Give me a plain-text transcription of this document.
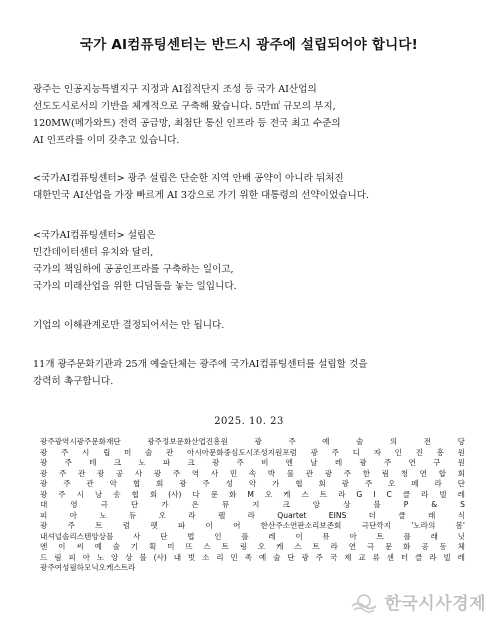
국가 AI컴퓨팅센터는 반드시 광주에 설립되어야 합니다!
광주는 인공지능특별지구 지정과 AI집적단지 조성 등 국가 AI산업의
선도도시로서의 기반을 체계적으로 구축해 왔습니다. 5만㎡ 규모의 부지,
120MW(메가와트) 전력 공급망, 최첨단 통신 인프라 등 전국 최고 수준의
AI 인프라를 이미 갖추고 있습니다.
<국가AI컴퓨팅센터> 광주 설립은 단순한 지역 안배 공약이 아니라 뒤처진
대한민국 AI산업을 가장 빠르게 AI 3강으로 가기 위한 대통령의 선약이었습니다.
<국가AI컴퓨팅센터> 설립은
민간데이터센터 유치와 달리,
국가의 책임하에 공공인프라를 구축하는 일이고,
국가의 미래산업을 위한 디딤돌을 놓는 일입니다.
기업의 이해관계로만 결정되어서는 안 됩니다.
11개 광주문화기관과 25개 예술단체는 광주에 국가AI컴퓨팅센터를 설립할 것을
강력히 촉구합니다.
2025. 10. 23
광주광역시광주문화재단 광주정보문화산업진흥원 광 주 예 술 의 전 당
광 주 시 립 미 술 관 아시아문화중심도시조성지원포럼 광 주 디 자 인 진 흥 원
광 주 테 크 노 파 크 광 주 비 엔 날 레 광 주 연 구 원
광 주 관 광 공 사 광 주 역 사 민 속 박 물 관 광 주 한 림 청 연 합 회
광 주 관 악 협 회 광 주 성 악 가 협 회 광 주 오 페 라 단
광 주 시 낭 송 협 회 (사) 다 문 화 M 오 케 스 트 라 G I C 클 라 빌 레
대 영 극 단 가 온 뮤 지 크 앙 상 블 P & S
피 아 노 듀 오 라 펠 라 Quartet EINS 더 클 래 식
광 주 트 럼 펫 파 이 어 한산주소연판소리보존회 극단깍지 '노라의 봄'
내셔널솔리스텐앙상블 사 단 법 인 플 레 이 뮤 아 트 플 래 닛
엔 이 씨 예 술 기 획 미 뜨 스 트 링 오 케 스 트 라 연 극 문 화 공 동 체
드 림 피 아 노 앙 상 블 (사) 내 벗 소 리 민 족 예 술 단 광 주 국 제 교 류 센 터 클 라 빌 레
광주여성필하모닉오케스트라
한국시사경제
